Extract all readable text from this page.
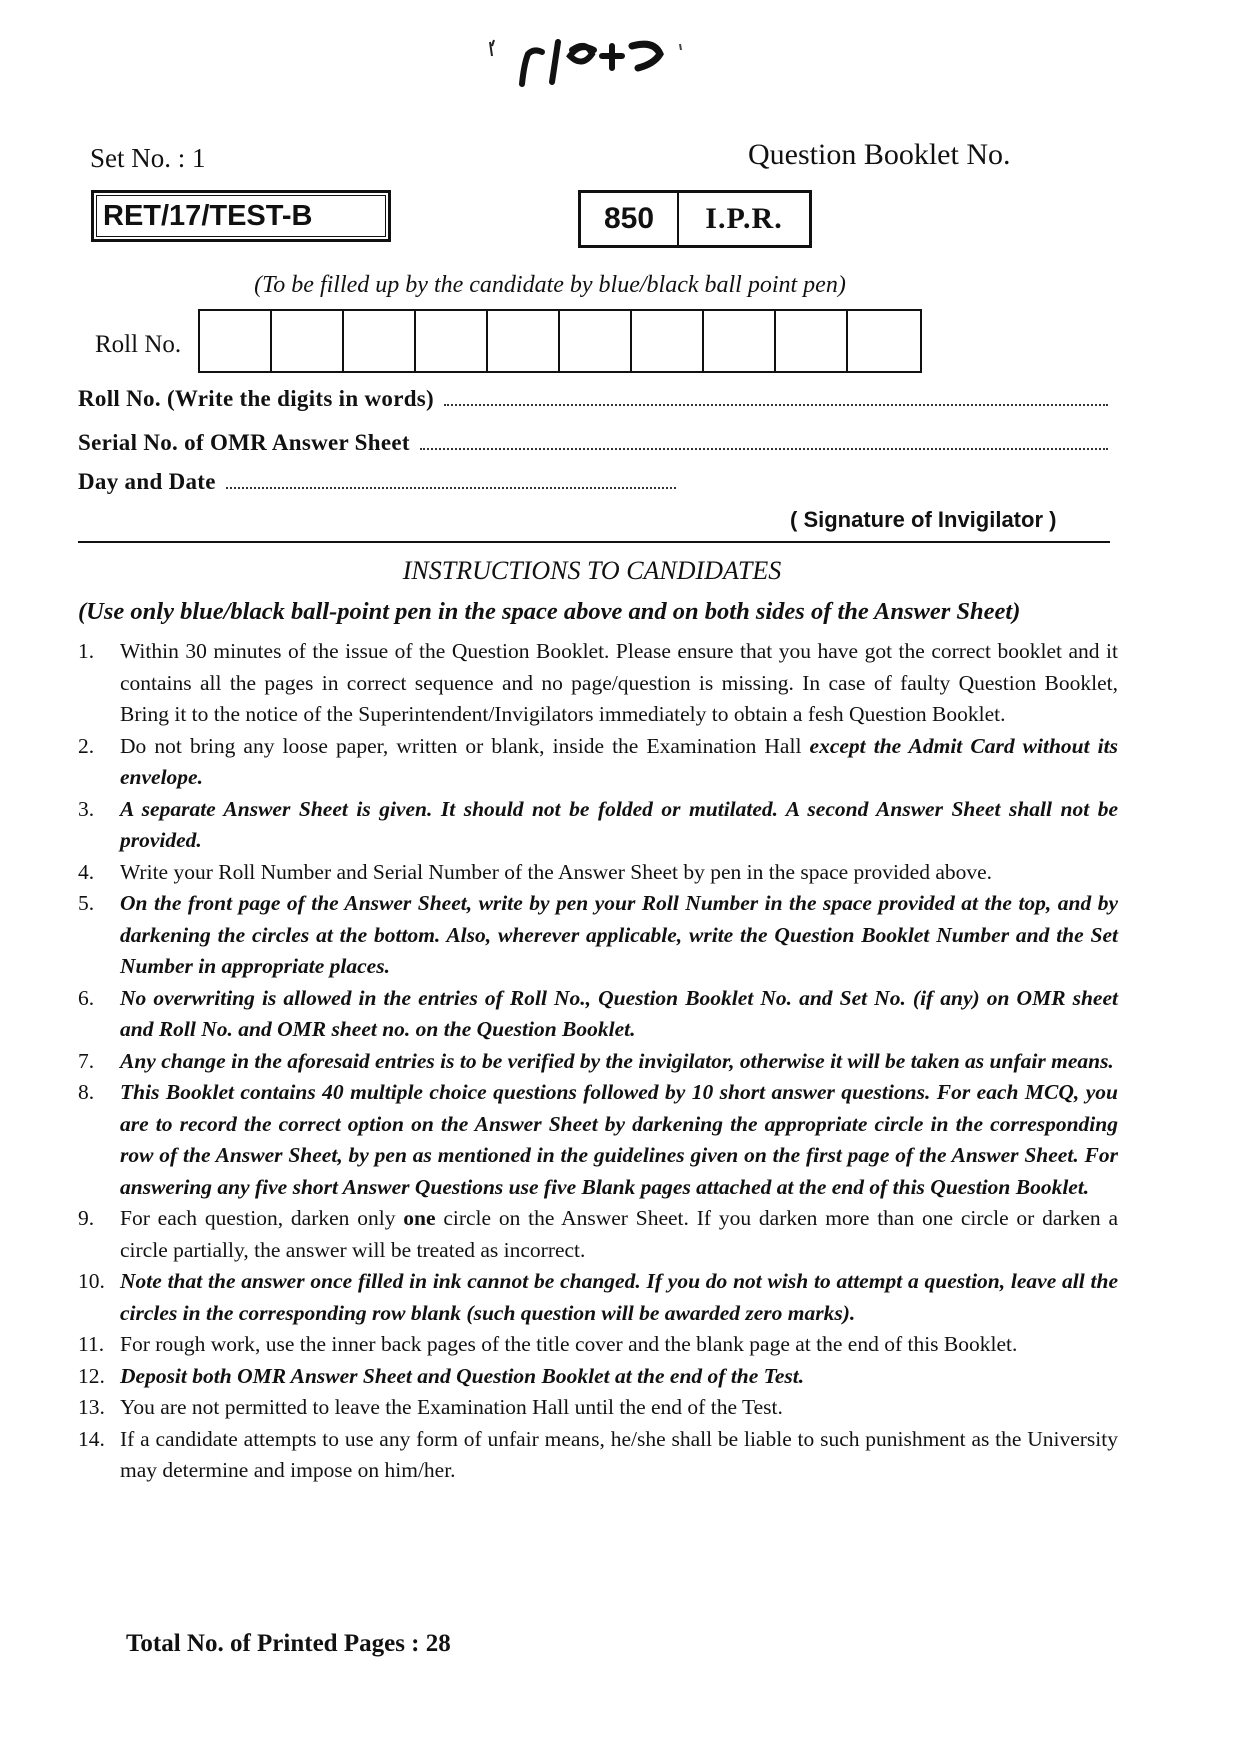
Set No. : 1	Question Booklet No.
RET/17/TEST-B	850	I.P.R.
(To be filled up by the candidate by blue/black ball point pen)
Roll No.
Roll No. (Write the digits in words)
Serial No. of OMR Answer Sheet
Day and Date
( Signature of Invigilator )
INSTRUCTIONS TO CANDIDATES
(Use only blue/black ball-point pen in the space above and on both sides of the Answer Sheet)
1.	Within 30 minutes of the issue of the Question Booklet. Please ensure that you have got the correct booklet and it contains all the pages in correct sequence and no page/question is missing. In case of faulty Question Booklet, Bring it to the notice of the Superintendent/Invigilators immediately to obtain a fesh Question Booklet.
2.	Do not bring any loose paper, written or blank, inside the Examination Hall except the Admit Card without its envelope.
3.	A separate Answer Sheet is given. It should not be folded or mutilated. A second Answer Sheet shall not be provided.
4.	Write your Roll Number and Serial Number of the Answer Sheet by pen in the space provided above.
5.	On the front page of the Answer Sheet, write by pen your Roll Number in the space provided at the top, and by darkening the circles at the bottom. Also, wherever applicable, write the Question Booklet Number and the Set Number in appropriate places.
6.	No overwriting is allowed in the entries of Roll No., Question Booklet No. and Set No. (if any) on OMR sheet and Roll No. and OMR sheet no. on the Question Booklet.
7.	Any change in the aforesaid entries is to be verified by the invigilator, otherwise it will be taken as unfair means.
8.	This Booklet contains 40 multiple choice questions followed by 10 short answer questions. For each MCQ, you are to record the correct option on the Answer Sheet by darkening the appropriate circle in the corresponding row of the Answer Sheet, by pen as mentioned in the guidelines given on the first page of the Answer Sheet. For answering any five short Answer Questions use five Blank pages attached at the end of this Question Booklet.
9.	For each question, darken only one circle on the Answer Sheet. If you darken more than one circle or darken a circle partially, the answer will be treated as incorrect.
10. Note that the answer once filled in ink cannot be changed. If you do not wish to attempt a question, leave all the circles in the corresponding row blank (such question will be awarded zero marks).
11. For rough work, use the inner back pages of the title cover and the blank page at the end of this Booklet.
12. Deposit both OMR Answer Sheet and Question Booklet at the end of the Test.
13. You are not permitted to leave the Examination Hall until the end of the Test.
14. If a candidate attempts to use any form of unfair means, he/she shall be liable to such punishment as the University may determine and impose on him/her.
Total No. of Printed Pages : 28
